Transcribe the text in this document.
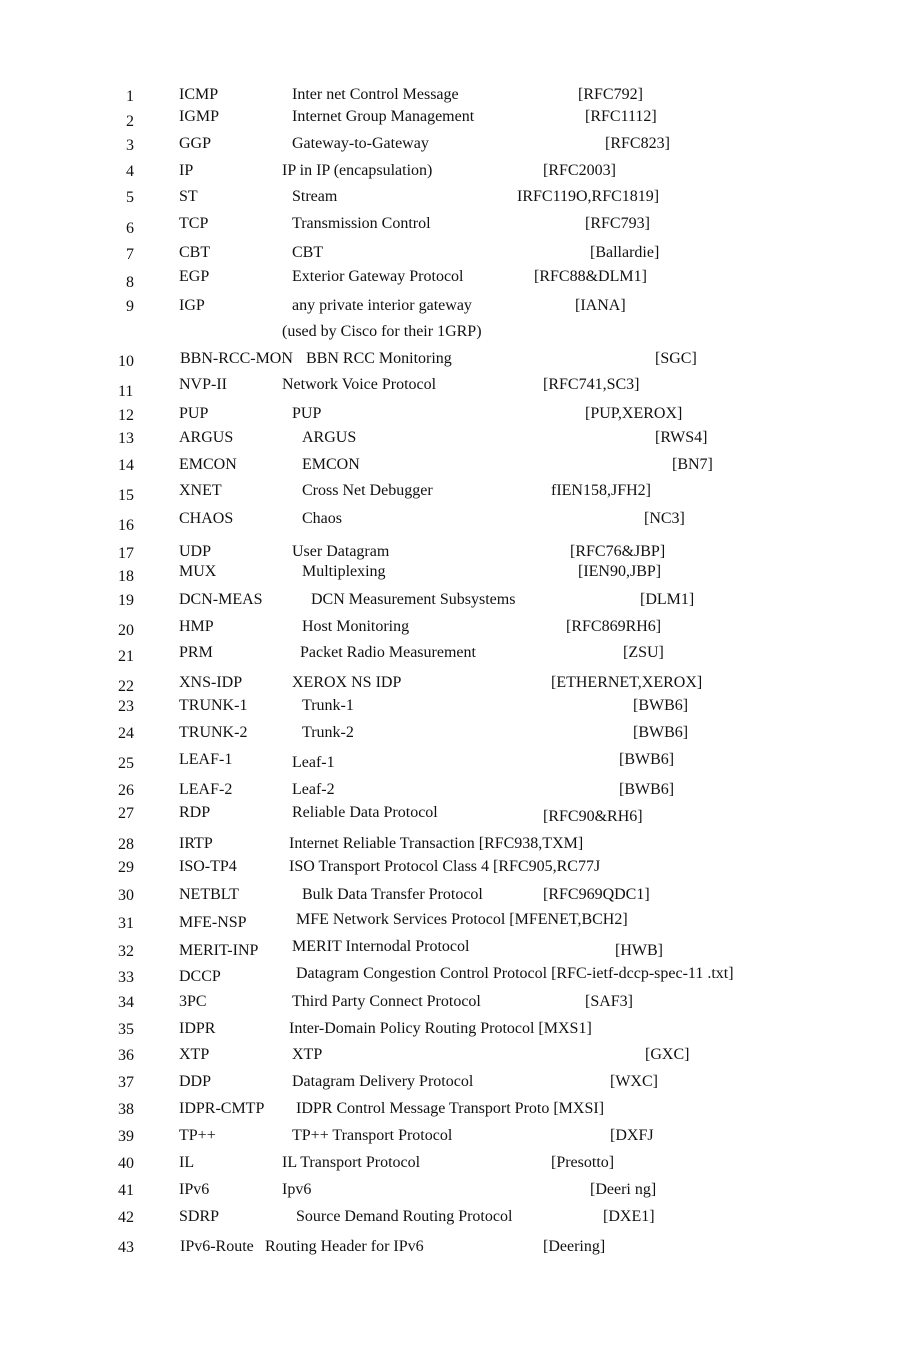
1	ICMP	Inter net Control Message	[RFC792]
2	IGMP	Internet Group Management	[RFC1112]
3	GGP	Gateway-to-Gateway	[RFC823]
4	IP	IP in IP (encapsulation)	[RFC2003]
5	ST	Stream	IRFC119O,RFC1819]
6	TCP	Transmission Control	[RFC793]
7	CBT	CBT	[Ballardie]
8	EGP	Exterior Gateway Protocol	[RFC88&DLM1]
9	IGP	any private interior gateway	[IANA]
(used by Cisco for their 1GRP)
10	BBN-RCC-MON BBN RCC Monitoring	[SGC]
11	NVP-II	Network Voice Protocol	[RFC741,SC3]
12	PUP	PUP	[PUP,XEROX]
13	ARGUS	ARGUS	[RWS4]
14	EMCON	EMCON	[BN7]
15	XNET	Cross Net Debugger	fIEN158,JFH2]
16	CHAOS	Chaos	[NC3]
17	UDP	User Datagram	[RFC76&JBP]
18	MUX	Multiplexing	[IEN90,JBP]
19	DCN-MEAS	DCN Measurement Subsystems	[DLM1]
20	HMP	Host Monitoring	[RFC869RH6]
21	PRM	Packet Radio Measurement	[ZSU]
22	XNS-IDP	XEROX NS IDP	[ETHERNET,XEROX]
23	TRUNK-1	Trunk-1	[BWB6]
24	TRUNK-2	Trunk-2	[BWB6]
25	LEAF-1	Leaf-1	[BWB6]
26	LEAF-2	Leaf-2	[BWB6]
27	RDP	Reliable Data Protocol	[RFC90&RH6]
28	IRTP	Internet Reliable Transaction [RFC938,TXM]
29	ISO-TP4	ISO Transport Protocol Class 4 [RFC905,RC77J
30	NETBLT	Bulk Data Transfer Protocol	[RFC969QDC1]
31	MFE-NSP	MFE Network Services Protocol [MFENET,BCH2]
32	MERIT-INP MERIT Internodal Protocol	[HWB]
33	DCCP	Datagram Congestion Control Protocol [RFC-ietf-dccp-spec-11 .txt]
34	3PC	Third Party Connect Protocol	[SAF3]
35	IDPR	Inter-Domain Policy Routing Protocol [MXS1]
36	XTP	XTP	[GXC]
37	DDP	Datagram Delivery Protocol	[WXC]
38	IDPR-CMTP IDPR Control Message Transport Proto [MXSI]
39	TP++	TP++ Transport Protocol	[DXFJ
40	IL	IL Transport Protocol	[Presotto]
41	IPv6	Ipv6	[Deeri ng]
42	SDRP	Source Demand Routing Protocol	[DXE1]
43	IPv6-Route Routing Header for IPv6	[Deering]
